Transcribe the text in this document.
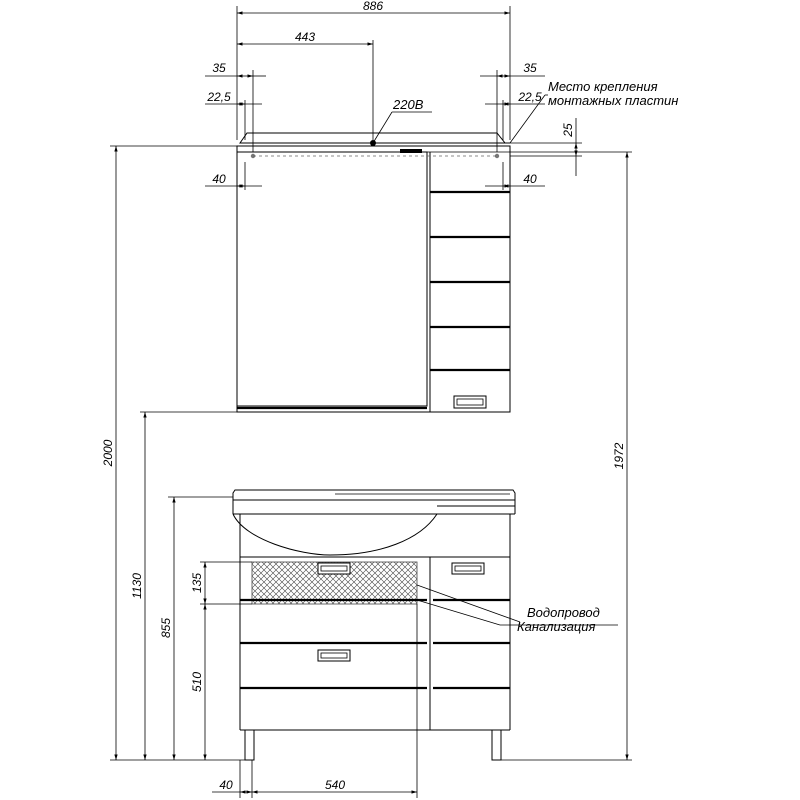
886
443
35
22,5
35
22,5
25
40	40
2000	1972
1130
855
135
510
40	540
220В
Место крепления
монтажных пластин
Водопровод
Канализация
